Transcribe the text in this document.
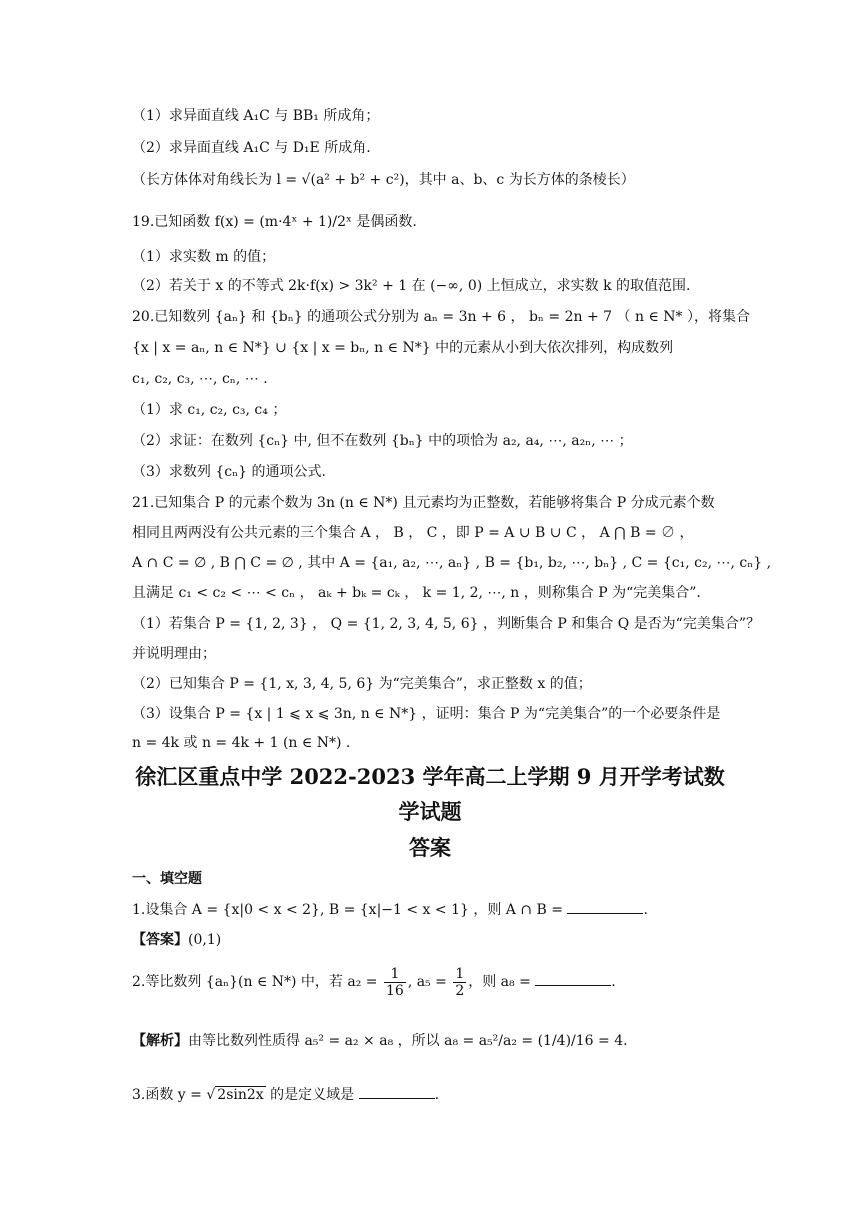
（1）求异面直线 A₁C 与 BB₁ 所成角；
（2）求异面直线 A₁C 与 D₁E 所成角.
（长方体体对角线长为 l = √(a² + b² + c²)，其中 a、b、c 为长方体的条棱长）
19.已知函数 f(x) = (m·4ˣ + 1)/2ˣ 是偶函数.
（1）求实数 m 的值；
（2）若关于 x 的不等式 2k·f(x) > 3k² + 1 在 (−∞, 0) 上恒成立，求实数 k 的取值范围.
20.已知数列 {aₙ} 和 {bₙ} 的通项公式分别为 aₙ = 3n + 6 ， bₙ = 2n + 7 （ n ∈ N* ），将集合
{x | x = aₙ, n ∈ N*} ∪ {x | x = bₙ, n ∈ N*} 中的元素从小到大依次排列，构成数列
c₁, c₂, c₃, ⋯, cₙ, ⋯ .
（1）求 c₁, c₂, c₃, c₄ ；
（2）求证：在数列 {cₙ} 中, 但不在数列 {bₙ} 中的项恰为 a₂, a₄, ⋯, a₂ₙ, ⋯ ；
（3）求数列 {cₙ} 的通项公式.
21.已知集合 P 的元素个数为 3n (n ∈ N*) 且元素均为正整数，若能够将集合 P 分成元素个数
相同且两两没有公共元素的三个集合 A ， B ， C ，即 P = A ∪ B ∪ C ， A ⋂ B = ∅ ，
A ∩ C = ∅ , B ⋂ C = ∅ , 其中 A = {a₁, a₂, ⋯, aₙ} , B = {b₁, b₂, ⋯, bₙ} , C = {c₁, c₂, ⋯, cₙ} ,
且满足 c₁ < c₂ < ⋯ < cₙ ， aₖ + bₖ = cₖ ， k = 1, 2, ⋯, n ，则称集合 P 为“完美集合”.
（1）若集合 P = {1, 2, 3} ， Q = {1, 2, 3, 4, 5, 6} ，判断集合 P 和集合 Q 是否为“完美集合”？
并说明理由；
（2）已知集合 P = {1, x, 3, 4, 5, 6} 为“完美集合”，求正整数 x 的值；
（3）设集合 P = {x | 1 ⩽ x ⩽ 3n, n ∈ N*} ，证明：集合 P 为“完美集合”的一个必要条件是
n = 4k 或 n = 4k + 1 (n ∈ N*) .
徐汇区重点中学 2022-2023 学年高二上学期 9 月开学考试数
学试题
答案
一、填空题
1.设集合 A = {x|0 < x < 2}, B = {x|−1 < x < 1} ，则 A ∩ B =	.
【答案】(0,1)
2.等比数列 {aₙ}(n ∈ N*) 中，若 $a_2 = \frac{1}{16}$ , $a_5 = \frac{1}{2}$ ，则 a₈ =	.
【解析】由等比数列性质得 a₅² = a₂ × a₈ ，所以 a₈ = a₅²/a₂ = (1/4)/16 = 4.
3.函数 y = √ 2sin2x 的是定义域是	.
